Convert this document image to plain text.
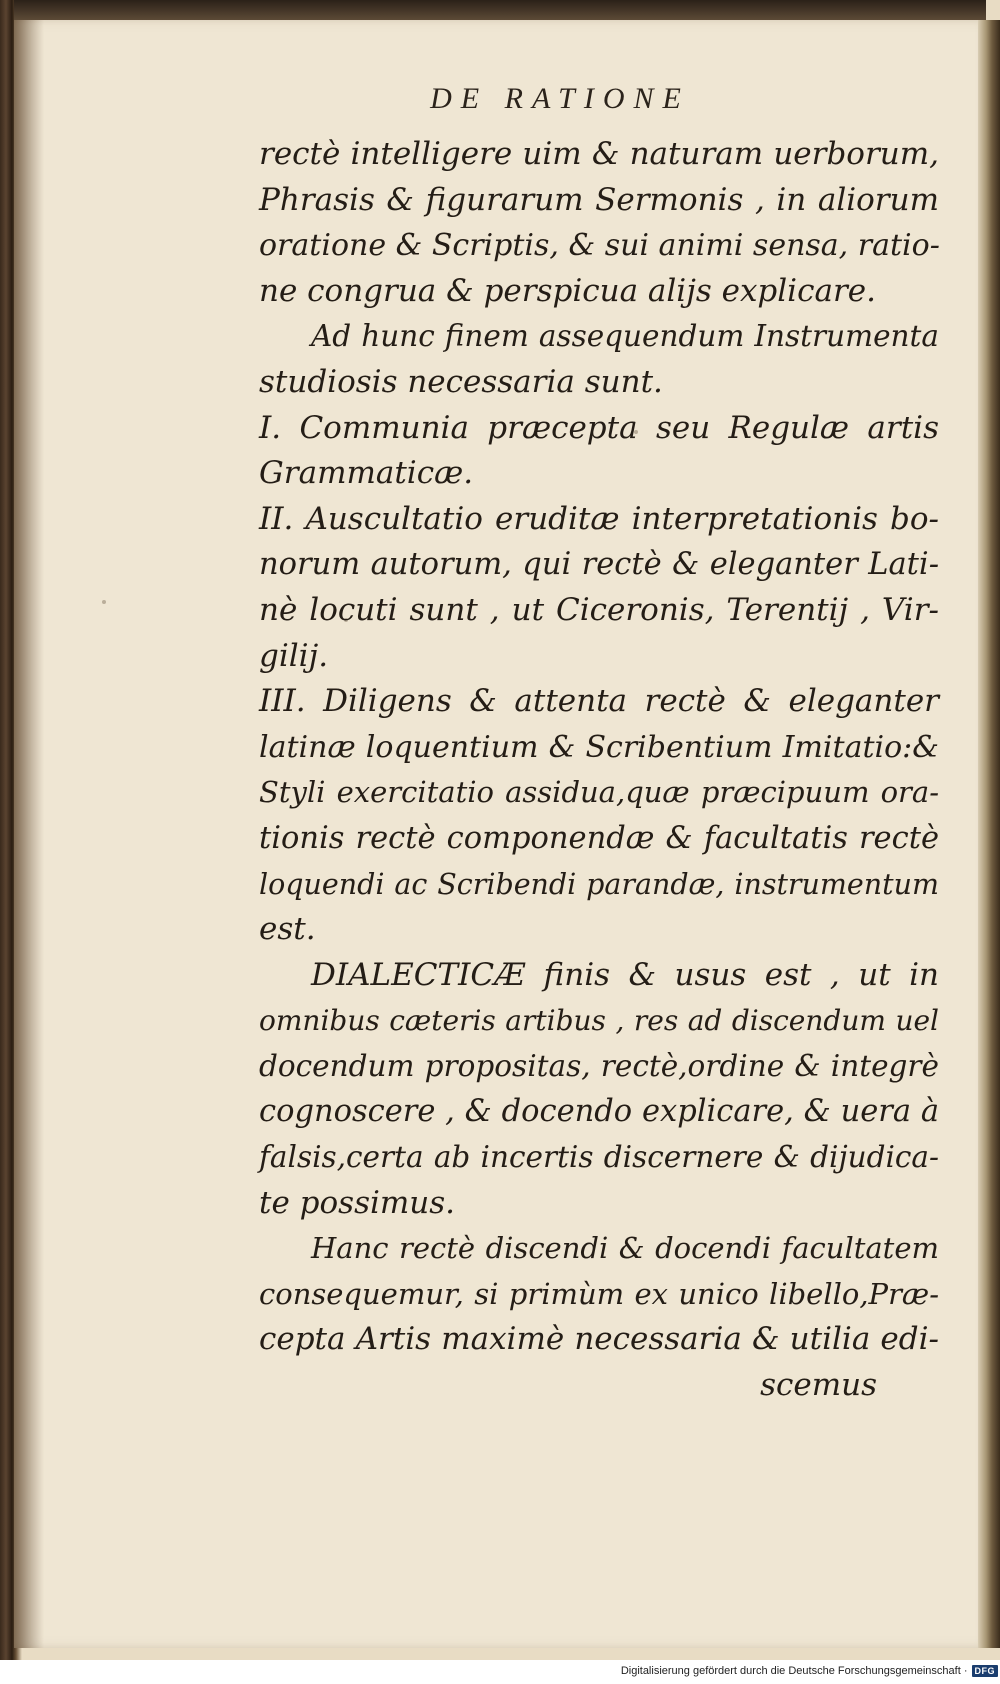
DE RATIONE
rectè intelligere uim & naturam uerborum,
Phrasis & figurarum Sermonis , in aliorum
oratione & Scriptis, & sui animi sensa, ratio-
ne congrua & perspicua alijs explicare.
Ad hunc finem assequendum Instrumenta
studiosis necessaria sunt.
I. Communia præcepta seu Regulæ artis
Grammaticæ.
II. Auscultatio eruditæ interpretationis bo-
norum autorum, qui rectè & eleganter Lati-
nè locuti sunt , ut Ciceronis, Terentij , Vir-
gilij.
III. Diligens & attenta rectè & eleganter
latinæ loquentium & Scribentium Imitatio:&
Styli exercitatio assidua,quæ præcipuum ora-
tionis rectè componendæ & facultatis rectè
loquendi ac Scribendi parandæ, instrumentum
est.
DIALECTICÆ finis & usus est , ut in
omnibus cæteris artibus , res ad discendum uel
docendum propositas, rectè,ordine & integrè
cognoscere , & docendo explicare, & uera à
falsis,certa ab incertis discernere & dijudica-
te possimus.
Hanc rectè discendi & docendi facultatem
consequemur, si primùm ex unico libello,Præ-
cepta Artis maximè necessaria & utilia edi-
scemus
Digitalisierung gefördert durch die Deutsche Forschungsgemeinschaft · DFG
